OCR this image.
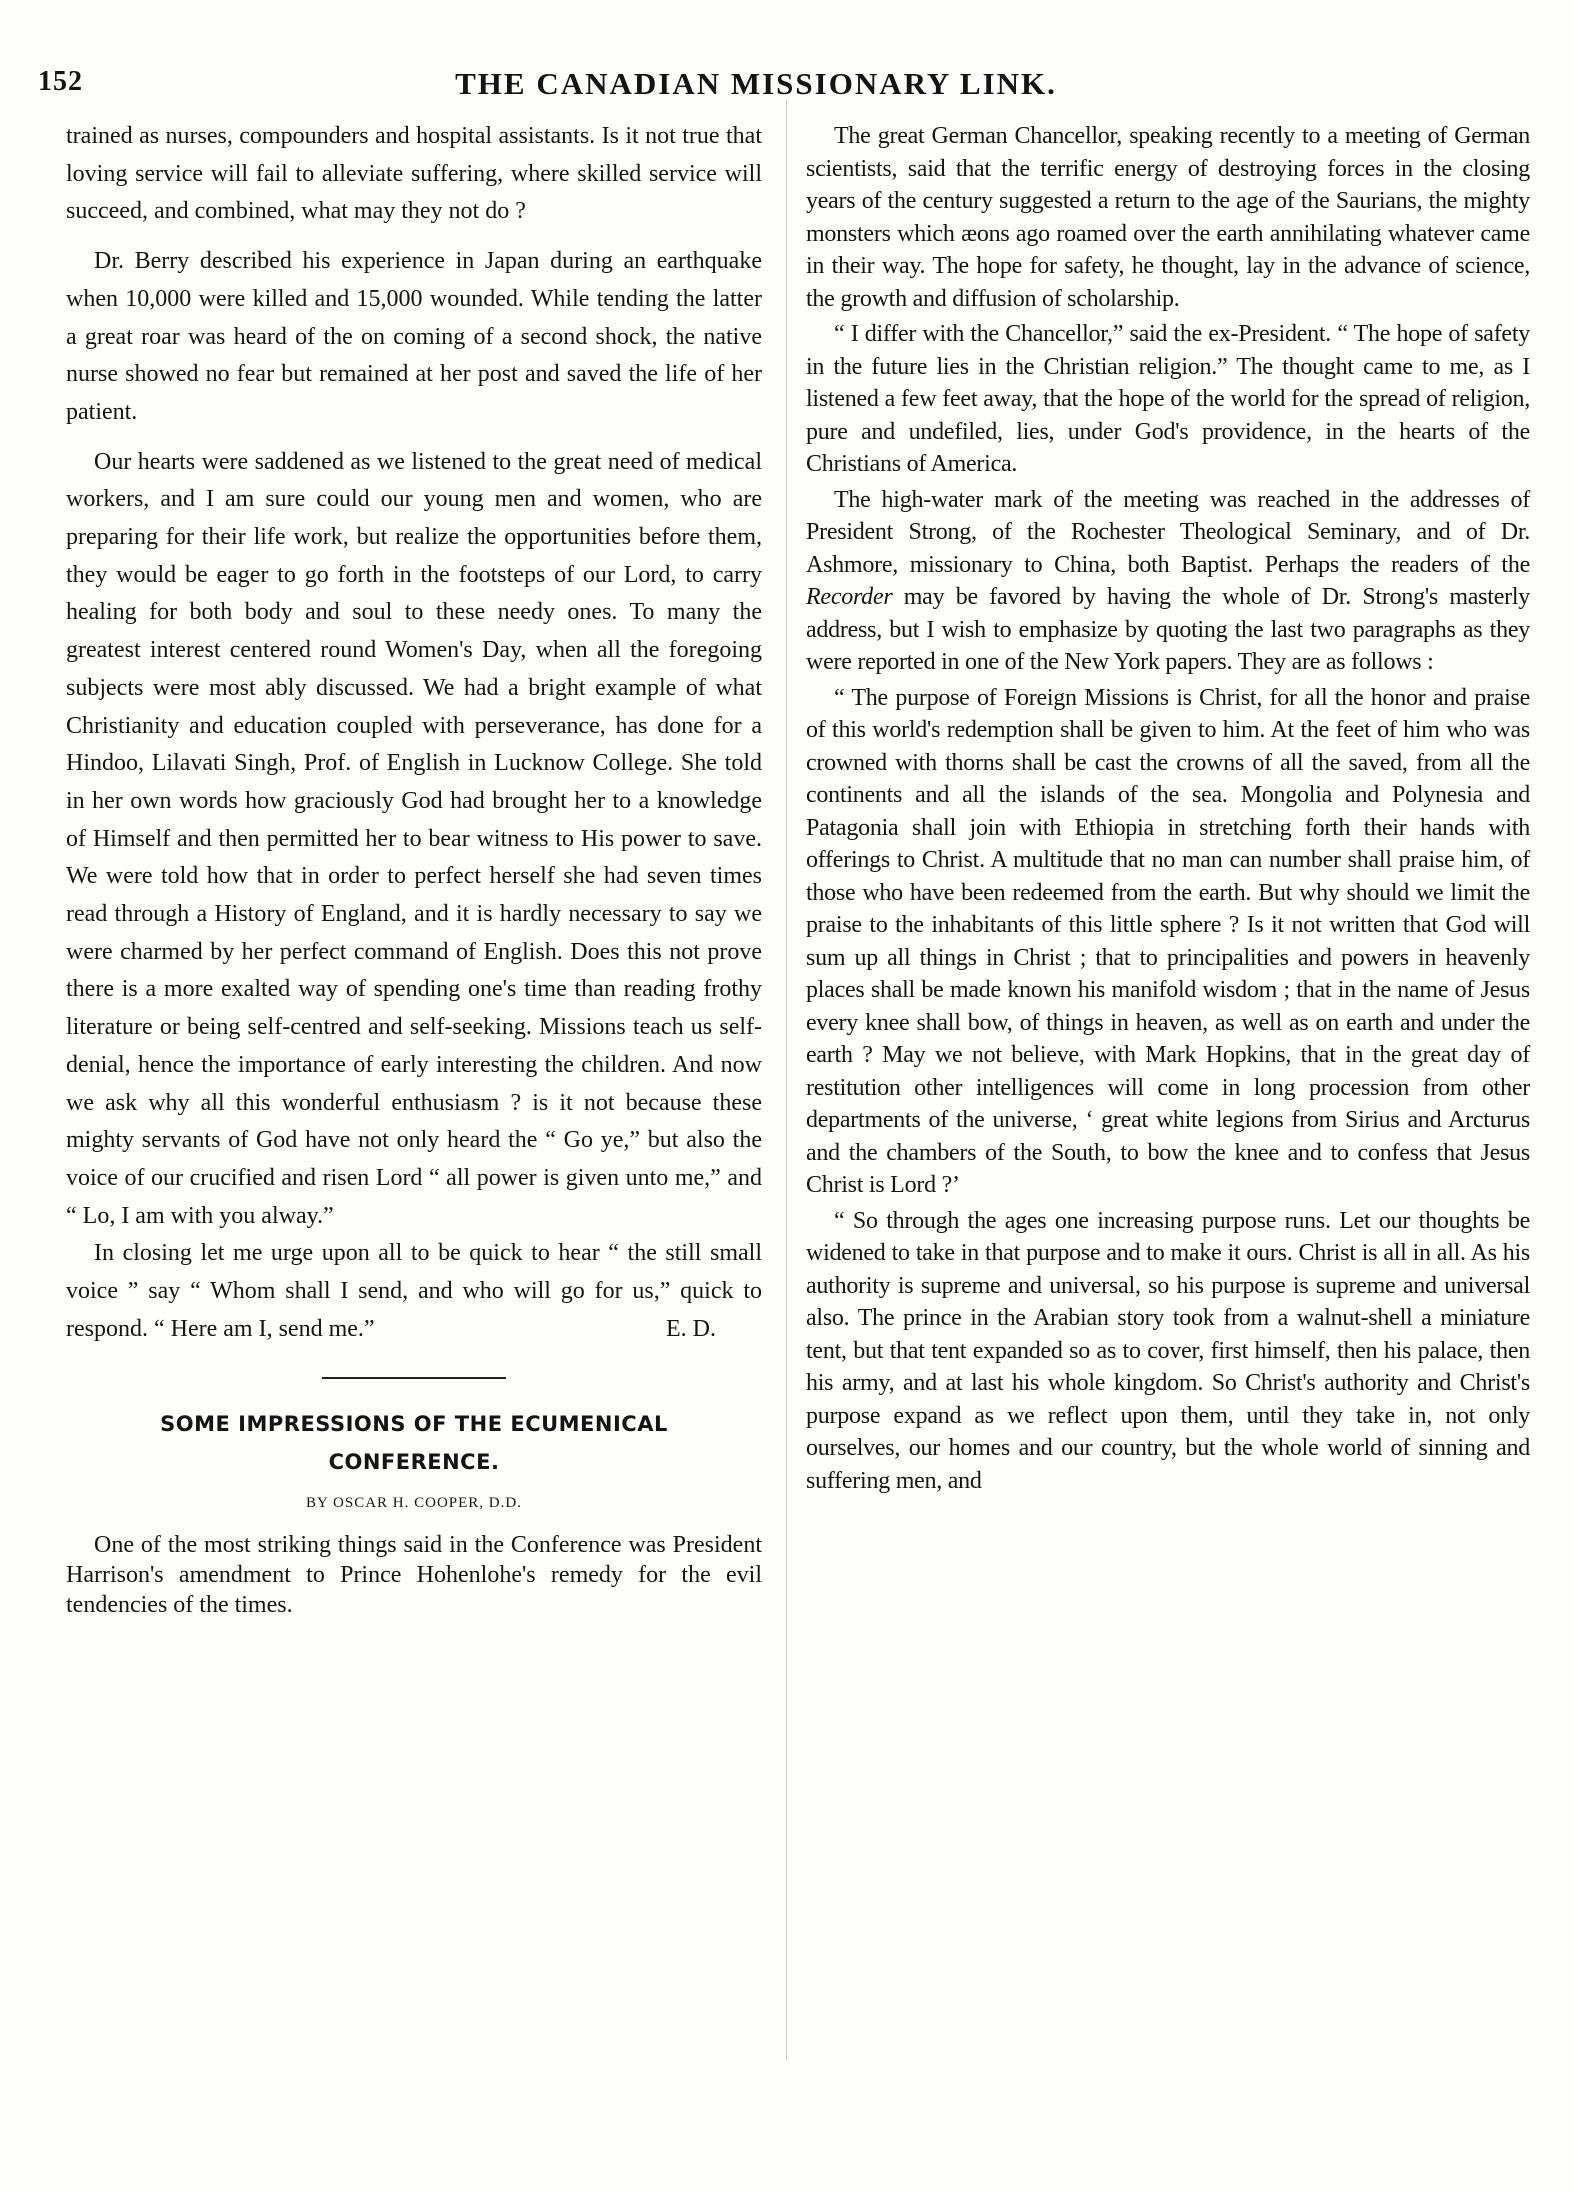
152	THE CANADIAN MISSIONARY LINK.

trained as nurses, compounders and hospital assistants. Is it not true that loving service will fail to alleviate suffering, where skilled service will succeed, and combined, what may they not do ?

Dr. Berry described his experience in Japan during an earthquake when 10,000 were killed and 15,000 wounded. While tending the latter a great roar was heard of the on coming of a second shock, the native nurse showed no fear but remained at her post and saved the life of her patient.

Our hearts were saddened as we listened to the great need of medical workers, and I am sure could our young men and women, who are preparing for their life work, but realize the opportunities before them, they would be eager to go forth in the footsteps of our Lord, to carry healing for both body and soul to these needy ones. To many the greatest interest centered round Women's Day, when all the foregoing subjects were most ably discussed. We had a bright example of what Christianity and education coupled with perseverance, has done for a Hindoo, Lilavati Singh, Prof. of English in Lucknow College. She told in her own words how graciously God had brought her to a knowledge of Himself and then permitted her to bear witness to His power to save. We were told how that in order to perfect herself she had seven times read through a History of England, and it is hardly necessary to say we were charmed by her perfect command of English. Does this not prove there is a more exalted way of spending one's time than reading frothy literature or being self-centred and self-seeking. Missions teach us self-denial, hence the importance of early interesting the children. And now we ask why all this wonderful enthusiasm ? is it not because these mighty servants of God have not only heard the “ Go ye,” but also the voice of our crucified and risen Lord “ all power is given unto me,” and “ Lo, I am with you alway.”

In closing let me urge upon all to be quick to hear “ the still small voice ” say “ Whom shall I send, and who will go for us,” quick to respond. “ Here am I, send me.”	E. D.

SOME IMPRESSIONS OF THE ECUMENICAL
CONFERENCE.
BY OSCAR H. COOPER, D.D.

One of the most striking things said in the Conference was President Harrison's amendment to Prince Hohenlohe's remedy for the evil tendencies of the times.

The great German Chancellor, speaking recently to a meeting of German scientists, said that the terrific energy of destroying forces in the closing years of the century suggested a return to the age of the Saurians, the mighty monsters which æons ago roamed over the earth annihilating whatever came in their way. The hope for safety, he thought, lay in the advance of science, the growth and diffusion of scholarship.

“ I differ with the Chancellor,” said the ex-President. “ The hope of safety in the future lies in the Christian religion.” The thought came to me, as I listened a few feet away, that the hope of the world for the spread of religion, pure and undefiled, lies, under God's providence, in the hearts of the Christians of America.

The high-water mark of the meeting was reached in the addresses of President Strong, of the Rochester Theological Seminary, and of Dr. Ashmore, missionary to China, both Baptist. Perhaps the readers of the Recorder may be favored by having the whole of Dr. Strong's masterly address, but I wish to emphasize by quoting the last two paragraphs as they were reported in one of the New York papers. They are as follows :

“ The purpose of Foreign Missions is Christ, for all the honor and praise of this world's redemption shall be given to him. At the feet of him who was crowned with thorns shall be cast the crowns of all the saved, from all the continents and all the islands of the sea. Mongolia and Polynesia and Patagonia shall join with Ethiopia in stretching forth their hands with offerings to Christ. A multitude that no man can number shall praise him, of those who have been redeemed from the earth. But why should we limit the praise to the inhabitants of this little sphere ? Is it not written that God will sum up all things in Christ ; that to principalities and powers in heavenly places shall be made known his manifold wisdom ; that in the name of Jesus every knee shall bow, of things in heaven, as well as on earth and under the earth ? May we not believe, with Mark Hopkins, that in the great day of restitution other intelligences will come in long procession from other departments of the universe, ‘ great white legions from Sirius and Arcturus and the chambers of the South, to bow the knee and to confess that Jesus Christ is Lord ?’

“ So through the ages one increasing purpose runs. Let our thoughts be widened to take in that purpose and to make it ours. Christ is all in all. As his authority is supreme and universal, so his purpose is supreme and universal also. The prince in the Arabian story took from a walnut-shell a miniature tent, but that tent expanded so as to cover, first himself, then his palace, then his army, and at last his whole kingdom. So Christ's authority and Christ's purpose expand as we reflect upon them, until they take in, not only ourselves, our homes and our country, but the whole world of sinning and suffering men, and
